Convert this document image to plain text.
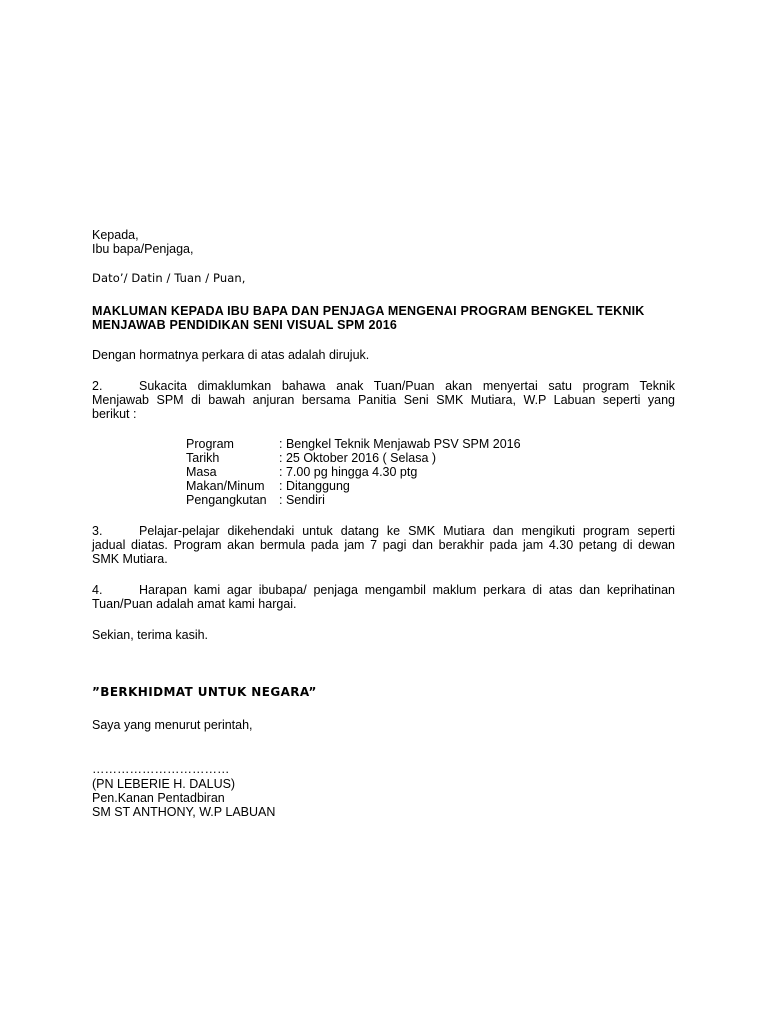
Kepada,
Ibu bapa/Penjaga,
Dato’/ Datin / Tuan / Puan,
MAKLUMAN KEPADA IBU BAPA DAN PENJAGA MENGENAI PROGRAM BENGKEL TEKNIK
MENJAWAB PENDIDIKAN SENI VISUAL SPM 2016
Dengan hormatnya perkara di atas adalah dirujuk.
2.	Sukacita dimaklumkan bahawa anak Tuan/Puan akan menyertai satu program Teknik
Menjawab SPM di bawah anjuran bersama Panitia Seni SMK Mutiara, W.P Labuan seperti yang
berikut :
Program	: Bengkel Teknik Menjawab PSV SPM 2016
Tarikh	: 25 Oktober 2016 ( Selasa )
Masa	: 7.00 pg hingga 4.30 ptg
Makan/Minum : Ditanggung
Pengangkutan : Sendiri
3.	Pelajar-pelajar dikehendaki untuk datang ke SMK Mutiara dan mengikuti program seperti
jadual diatas. Program akan bermula pada jam 7 pagi dan berakhir pada jam 4.30 petang di dewan
SMK Mutiara.
4.	Harapan kami agar ibubapa/ penjaga mengambil maklum perkara di atas dan keprihatinan
Tuan/Puan adalah amat kami hargai.
Sekian, terima kasih.
”BERKHIDMAT UNTUK NEGARA”
Saya yang menurut perintah,
……………………………
(PN LEBERIE H. DALUS)
Pen.Kanan Pentadbiran
SM ST ANTHONY, W.P LABUAN
